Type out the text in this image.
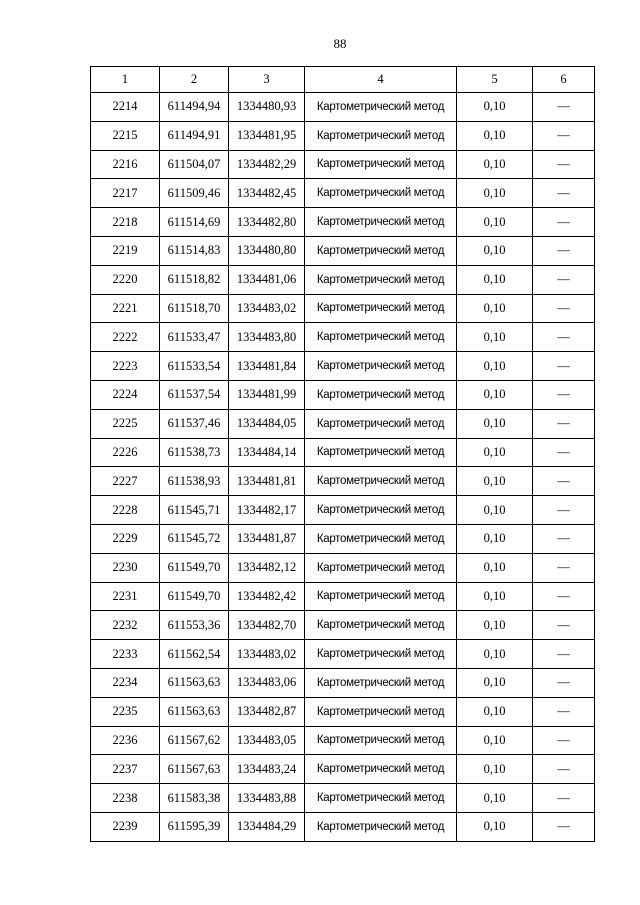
88
1	2	3	4	5	6
2214	611494,94	1334480,93	Картометрический метод	0,10	—
2215	611494,91	1334481,95	Картометрический метод	0,10	—
2216	611504,07	1334482,29	Картометрический метод	0,10	—
2217	611509,46	1334482,45	Картометрический метод	0,10	—
2218	611514,69	1334482,80	Картометрический метод	0,10	—
2219	611514,83	1334480,80	Картометрический метод	0,10	—
2220	611518,82	1334481,06	Картометрический метод	0,10	—
2221	611518,70	1334483,02	Картометрический метод	0,10	—
2222	611533,47	1334483,80	Картометрический метод	0,10	—
2223	611533,54	1334481,84	Картометрический метод	0,10	—
2224	611537,54	1334481,99	Картометрический метод	0,10	—
2225	611537,46	1334484,05	Картометрический метод	0,10	—
2226	611538,73	1334484,14	Картометрический метод	0,10	—
2227	611538,93	1334481,81	Картометрический метод	0,10	—
2228	611545,71	1334482,17	Картометрический метод	0,10	—
2229	611545,72	1334481,87	Картометрический метод	0,10	—
2230	611549,70	1334482,12	Картометрический метод	0,10	—
2231	611549,70	1334482,42	Картометрический метод	0,10	—
2232	611553,36	1334482,70	Картометрический метод	0,10	—
2233	611562,54	1334483,02	Картометрический метод	0,10	—
2234	611563,63	1334483,06	Картометрический метод	0,10	—
2235	611563,63	1334482,87	Картометрический метод	0,10	—
2236	611567,62	1334483,05	Картометрический метод	0,10	—
2237	611567,63	1334483,24	Картометрический метод	0,10	—
2238	611583,38	1334483,88	Картометрический метод	0,10	—
2239	611595,39	1334484,29	Картометрический метод	0,10	—
